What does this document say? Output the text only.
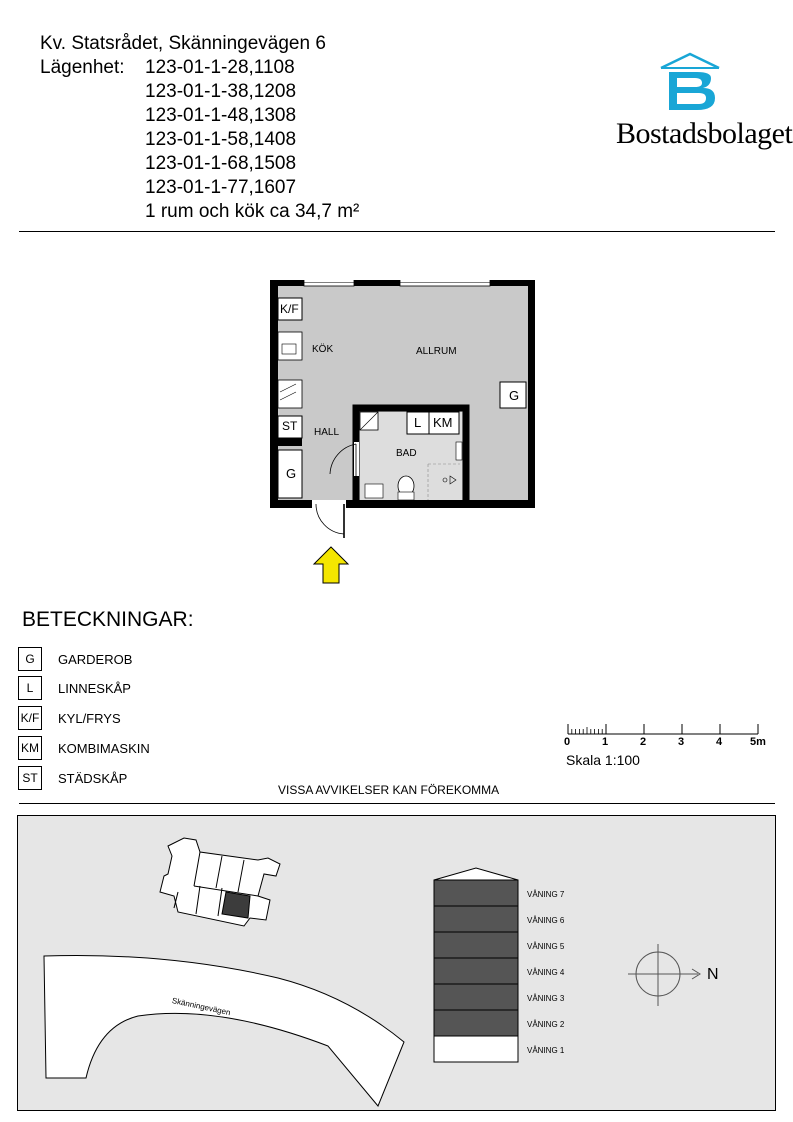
Kv. Statsrådet, Skänningevägen 6
Lägenhet: 123-01-1-28,1108
123-01-1-38,1208
123-01-1-48,1308
123-01-1-58,1408
123-01-1-68,1508
123-01-1-77,1607
1 rum och kök ca 34,7 m²
Bostadsbolaget
K/F
KÖK	ALLRUM
G
ST HALL
G
L KM
BAD
BETECKNINGAR:
G	GARDEROB
L	LINNESKÅP
K/F KYL/FRYS
KM KOMBIMASKIN
ST	STÄDSKÅP
0	1	2	3	4	5m
Skala 1:100
VISSA AVVIKELSER KAN FÖREKOMMA
Skänningevägen
VÅNING 7
VÅNING 6
VÅNING 5
VÅNING 4
VÅNING 3
VÅNING 2
VÅNING 1
N
